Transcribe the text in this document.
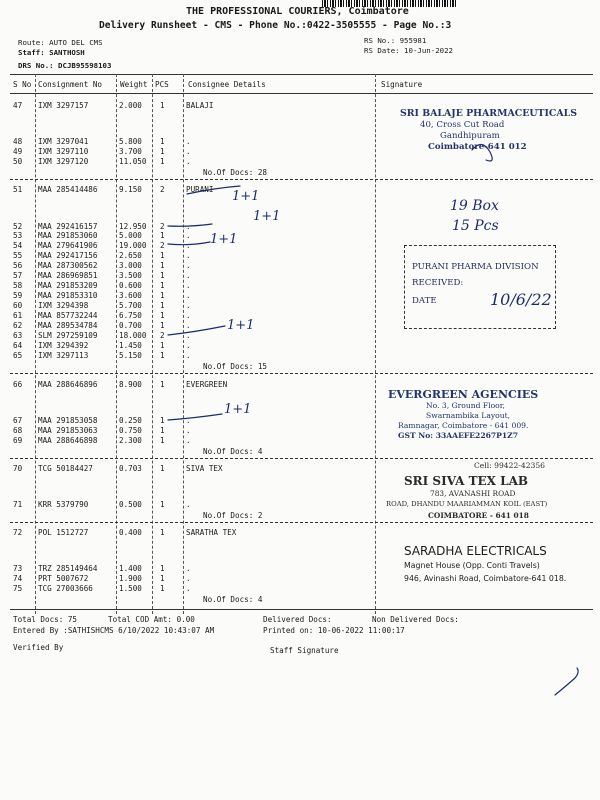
THE PROFESSIONAL COURIERS, Coimbatore
Delivery Runsheet - CMS - Phone No.:0422-3505555 - Page No.:3
Route: AUTO DEL CMS
Staff: SANTHOSH
DRS No.: DCJB95598103
RS No.: 955981
RS Date: 10-Jun-2022
S No Consignment No Weight PCS	Consignee Details	Signature
47 IXM 3297157	2.000 1	BALAJI
48 IXM 3297041	5.800 1	.
49 IXM 3297110	3.700 1	.
50 IXM 3297120	11.050 1	.
No.Of Docs: 28
51 MAA 285414486	9.150 2	PURANI
52 MAA 292416157	12.950 2	.
53 MAA 291853060	5.000 1	.
54 MAA 279641906	19.000 2	.
55 MAA 292417156	2.650 1	.
56 MAA 287300562	3.000 1	.
57 MAA 286969851	3.500 1	.
58 MAA 291853209	0.600 1	.
59 MAA 291853310	3.600 1	.
60 IXM 3294398	5.700 1	.
61 MAA 857732244	6.750 1	.
62 MAA 289534784	0.700 1	.
63 SLM 297259109	18.000 2	.
64 IXM 3294392	1.450 1	.
65 IXM 3297113	5.150 1	.
No.Of Docs: 15
66 MAA 288646896	8.900 1	EVERGREEN
67 MAA 291853058	0.250 1	.
68 MAA 291853063	0.750 1	.
69 MAA 288646898	2.300 1	.
No.Of Docs: 4
70 TCG 50184427	0.703 1	SIVA TEX
71 KRR 5379790	0.500 1	.
No.Of Docs: 2
72 POL 1512727	0.400 1	SARATHA TEX
73 TRZ 285149464	1.400 1	.
74 PRT 5007672	1.900 1	.
75 TCG 27003666	1.500 1	.
No.Of Docs: 4
Total Docs: 75	Total COD Amt: 0.00	Delivered Docs:	Non Delivered Docs:
Entered By :SATHISHCMS 6/10/2022 10:43:07 AM	Printed on: 10-06-2022 11:00:17
Verified By	Staff Signature
SRI BALAJE PHARMACEUTICALS
40, Cross Cut Road
Gandhipuram
Coimbatore-641 012
19 Box
15 Pcs
PURANI PHARMA DIVISION
RECEIVED:
DATE	10/6/22
EVERGREEN AGENCIES
No. 3, Ground Floor,
Swarnambika Layout,
Ramnagar, Coimbatore - 641 009.
GST No: 33AAEFE2267P1Z7
Cell: 99422-42356
SRI SIVA TEX LAB
783, AVANASHI ROAD
ROAD, DHANDU MAARIAMMAN KOIL (EAST)
COIMBATORE - 641 018
SARADHA ELECTRICALS
Magnet House (Opp. Conti Travels)
946, Avinashi Road, Coimbatore-641 018.
1+1
1+1
1+1
1+1
1+1
